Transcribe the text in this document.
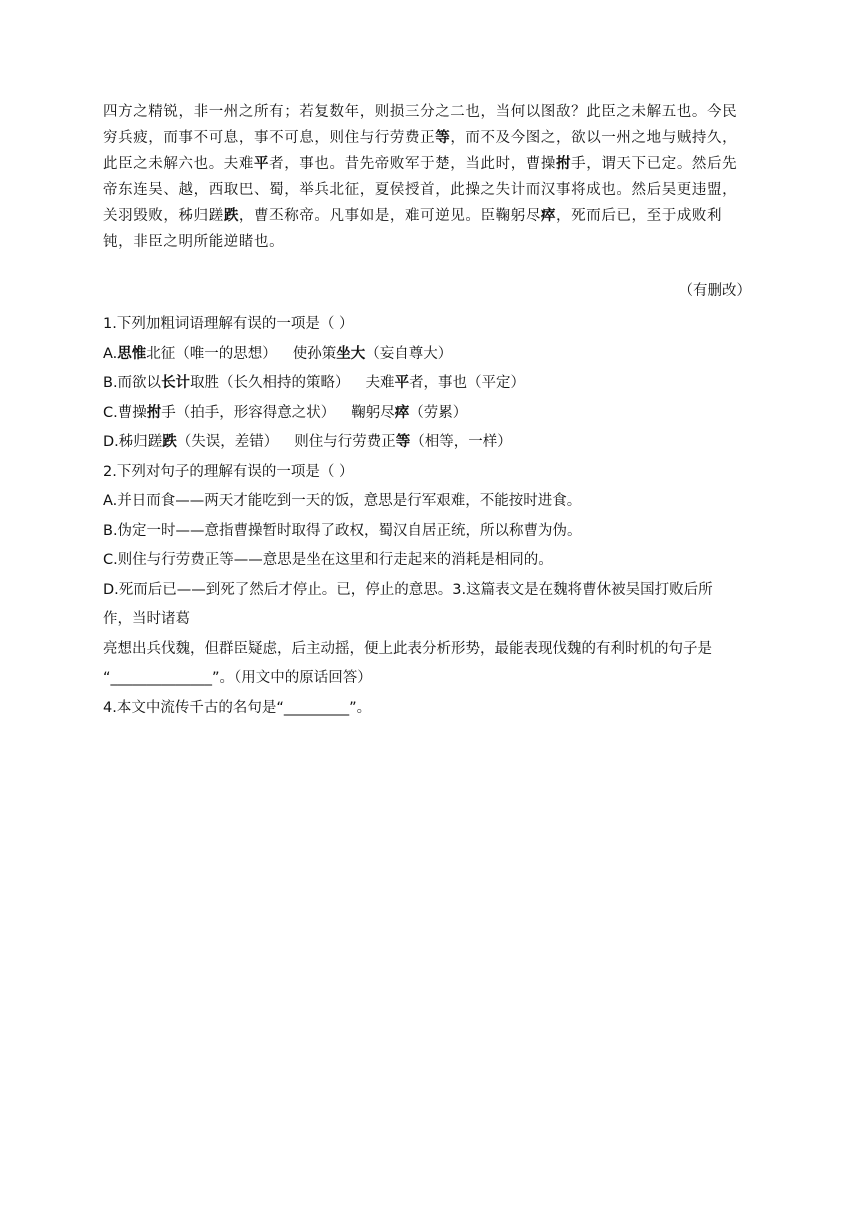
四方之精锐，非一州之所有；若复数年，则损三分之二也，当何以图敌？此臣之未解五也。今民

穷兵疲，而事不可息，事不可息，则住与行劳费正等，而不及今图之，欲以一州之地与贼持久，

此臣之未解六也。夫难平者，事也。昔先帝败军于楚，当此时，曹操拊手，谓天下已定。然后先

帝东连吴、越，西取巴、蜀，举兵北征，夏侯授首，此操之失计而汉事将成也。然后吴更违盟，

关羽毁败，秭归蹉跌，曹丕称帝。凡事如是，难可逆见。臣鞠躬尽瘁，死而后已，至于成败利

钝，非臣之明所能逆睹也。

（有删改）

1.下列加粗词语理解有误的一项是（ ）

A.思惟北征（唯一的思想） 使孙策坐大（妄自尊大）

B.而欲以长计取胜（长久相持的策略） 夫难平者，事也（平定）

C.曹操拊手（拍手，形容得意之状） 鞠躬尽瘁（劳累）

D.秭归蹉跌（失误，差错） 则住与行劳费正等（相等，一样）

2.下列对句子的理解有误的一项是（ ）

A.并日而食——两天才能吃到一天的饭，意思是行军艰难，不能按时进食。

B.伪定一时——意指曹操暂时取得了政权，蜀汉自居正统，所以称曹为伪。

C.则住与行劳费正等——意思是坐在这里和行走起来的消耗是相同的。

D.死而后已——到死了然后才停止。已，停止的意思。3.这篇表文是在魏将曹休被吴国打败后所

作，当时诸葛

亮想出兵伐魏，但群臣疑虑，后主动摇，便上此表分析形势，最能表现伐魏的有利时机的句子是

“______________”。（用文中的原话回答）

4.本文中流传千古的名句是“_________”。
